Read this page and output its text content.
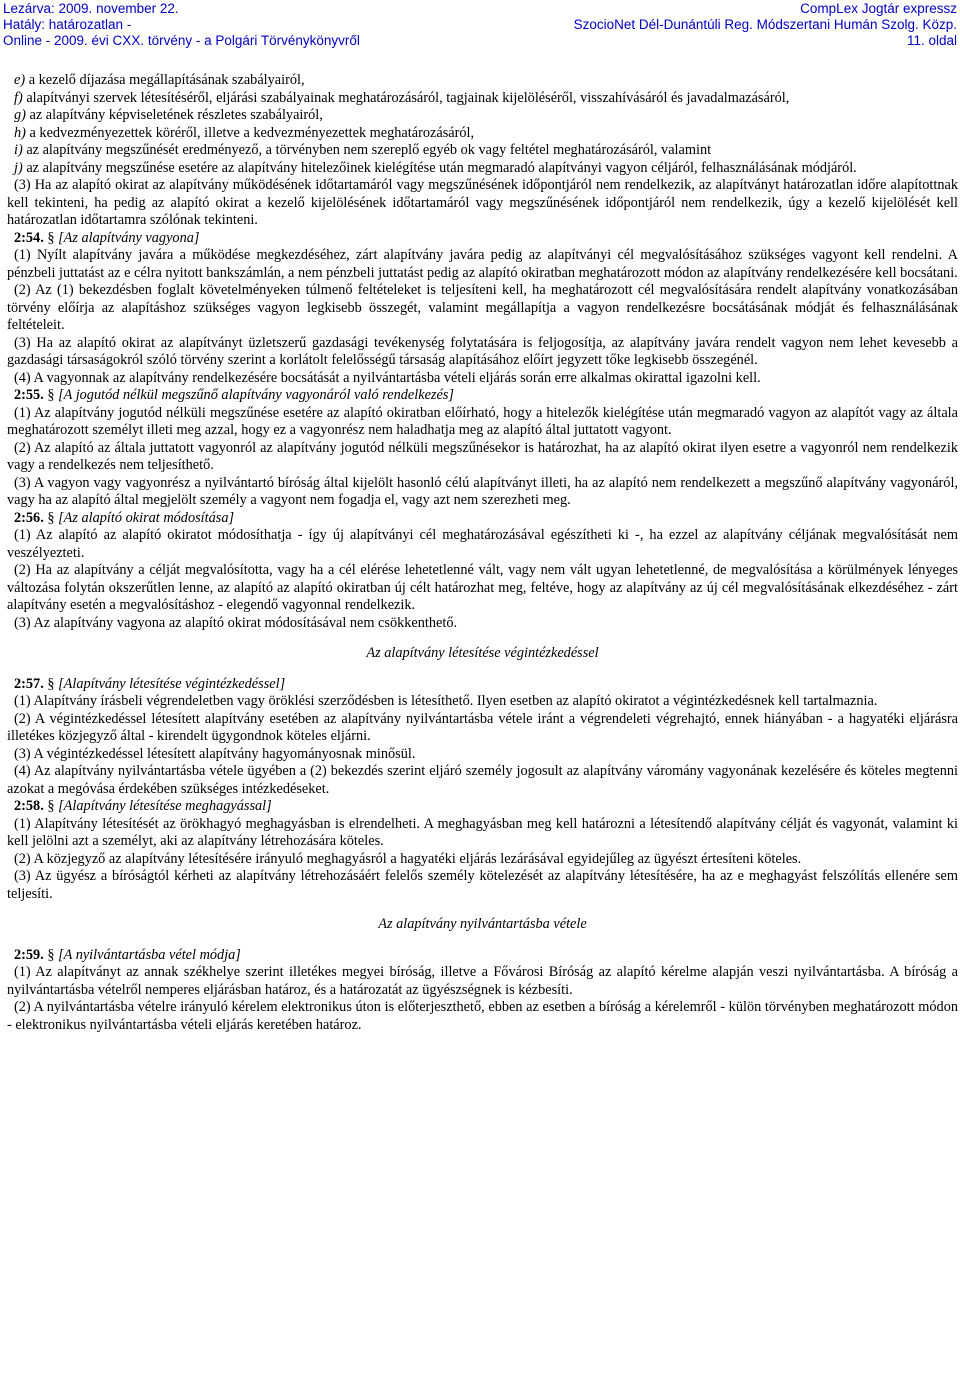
Lezárva: 2009. november 22.
Hatály: határozatlan -
Online - 2009. évi CXX. törvény - a Polgári Törvénykönyvről
CompLex Jogtár expressz
SzocioNet Dél-Dunántúli Reg. Módszertani Humán Szolg. Közp.
11. oldal

e) a kezelő díjazása megállapításának szabályairól,

f) alapítványi szervek létesítéséről, eljárási szabályainak meghatározásáról, tagjainak kijelöléséről, visszahívásáról és javadalmazásáról,

g) az alapítvány képviseletének részletes szabályairól,

h) a kedvezményezettek köréről, illetve a kedvezményezettek meghatározásáról,

i) az alapítvány megszűnését eredményező, a törvényben nem szereplő egyéb ok vagy feltétel meghatározásáról, valamint

j) az alapítvány megszűnése esetére az alapítvány hitelezőinek kielégítése után megmaradó alapítványi vagyon céljáról, felhasználásának módjáról.

(3) Ha az alapító okirat az alapítvány működésének időtartamáról vagy megszűnésének időpontjáról nem rendelkezik, az alapítványt határozatlan időre alapítottnak kell tekinteni, ha pedig az alapító okirat a kezelő kijelölésének időtartamáról vagy megszűnésének időpontjáról nem rendelkezik, úgy a kezelő kijelölését kell határozatlan időtartamra szólónak tekinteni.

2:54. § [Az alapítvány vagyona]

(1) Nyílt alapítvány javára a működése megkezdéséhez, zárt alapítvány javára pedig az alapítványi cél megvalósításához szükséges vagyont kell rendelni. A pénzbeli juttatást az e célra nyitott bankszámlán, a nem pénzbeli juttatást pedig az alapító okiratban meghatározott módon az alapítvány rendelkezésére kell bocsátani.

(2) Az (1) bekezdésben foglalt követelményeken túlmenő feltételeket is teljesíteni kell, ha meghatározott cél megvalósítására rendelt alapítvány vonatkozásában törvény előírja az alapításhoz szükséges vagyon legkisebb összegét, valamint megállapítja a vagyon rendelkezésre bocsátásának módját és felhasználásának feltételeit.

(3) Ha az alapító okirat az alapítványt üzletszerű gazdasági tevékenység folytatására is feljogosítja, az alapítvány javára rendelt vagyon nem lehet kevesebb a gazdasági társaságokról szóló törvény szerint a korlátolt felelősségű társaság alapításához előírt jegyzett tőke legkisebb összegénél.

(4) A vagyonnak az alapítvány rendelkezésére bocsátását a nyilvántartásba vételi eljárás során erre alkalmas okirattal igazolni kell.

2:55. § [A jogutód nélkül megszűnő alapítvány vagyonáról való rendelkezés]

(1) Az alapítvány jogutód nélküli megszűnése esetére az alapító okiratban előírható, hogy a hitelezők kielégítése után megmaradó vagyon az alapítót vagy az általa meghatározott személyt illeti meg azzal, hogy ez a vagyonrész nem haladhatja meg az alapító által juttatott vagyont.

(2) Az alapító az általa juttatott vagyonról az alapítvány jogutód nélküli megszűnésekor is határozhat, ha az alapító okirat ilyen esetre a vagyonról nem rendelkezik vagy a rendelkezés nem teljesíthető.

(3) A vagyon vagy vagyonrész a nyilvántartó bíróság által kijelölt hasonló célú alapítványt illeti, ha az alapító nem rendelkezett a megszűnő alapítvány vagyonáról, vagy ha az alapító által megjelölt személy a vagyont nem fogadja el, vagy azt nem szerezheti meg.

2:56. § [Az alapító okirat módosítása]

(1) Az alapító az alapító okiratot módosíthatja - így új alapítványi cél meghatározásával egészítheti ki -, ha ezzel az alapítvány céljának megvalósítását nem veszélyezteti.

(2) Ha az alapítvány a célját megvalósította, vagy ha a cél elérése lehetetlenné vált, vagy nem vált ugyan lehetetlenné, de megvalósítása a körülmények lényeges változása folytán okszerűtlen lenne, az alapító az alapító okiratban új célt határozhat meg, feltéve, hogy az alapítvány az új cél megvalósításának elkezdéséhez - zárt alapítvány esetén a megvalósításhoz - elegendő vagyonnal rendelkezik.

(3) Az alapítvány vagyona az alapító okirat módosításával nem csökkenthető.

Az alapítvány létesítése végintézkedéssel

2:57. § [Alapítvány létesítése végintézkedéssel]

(1) Alapítvány írásbeli végrendeletben vagy öröklési szerződésben is létesíthető. Ilyen esetben az alapító okiratot a végintézkedésnek kell tartalmaznia.

(2) A végintézkedéssel létesített alapítvány esetében az alapítvány nyilvántartásba vétele iránt a végrendeleti végrehajtó, ennek hiányában - a hagyatéki eljárásra illetékes közjegyző által - kirendelt ügygondnok köteles eljárni.

(3) A végintézkedéssel létesített alapítvány hagyományosnak minősül.

(4) Az alapítvány nyilvántartásba vétele ügyében a (2) bekezdés szerint eljáró személy jogosult az alapítvány váromány vagyonának kezelésére és köteles megtenni azokat a megóvása érdekében szükséges intézkedéseket.

2:58. § [Alapítvány létesítése meghagyással]

(1) Alapítvány létesítését az örökhagyó meghagyásban is elrendelheti. A meghagyásban meg kell határozni a létesítendő alapítvány célját és vagyonát, valamint ki kell jelölni azt a személyt, aki az alapítvány létrehozására köteles.

(2) A közjegyző az alapítvány létesítésére irányuló meghagyásról a hagyatéki eljárás lezárásával egyidejűleg az ügyészt értesíteni köteles.

(3) Az ügyész a bíróságtól kérheti az alapítvány létrehozásáért felelős személy kötelezését az alapítvány létesítésére, ha az e meghagyást felszólítás ellenére sem teljesíti.

Az alapítvány nyilvántartásba vétele

2:59. § [A nyilvántartásba vétel módja]

(1) Az alapítványt az annak székhelye szerint illetékes megyei bíróság, illetve a Fővárosi Bíróság az alapító kérelme alapján veszi nyilvántartásba. A bíróság a nyilvántartásba vételről nemperes eljárásban határoz, és a határozatát az ügyészségnek is kézbesíti.

(2) A nyilvántartásba vételre irányuló kérelem elektronikus úton is előterjeszthető, ebben az esetben a bíróság a kérelemről - külön törvényben meghatározott módon - elektronikus nyilvántartásba vételi eljárás keretében határoz.
